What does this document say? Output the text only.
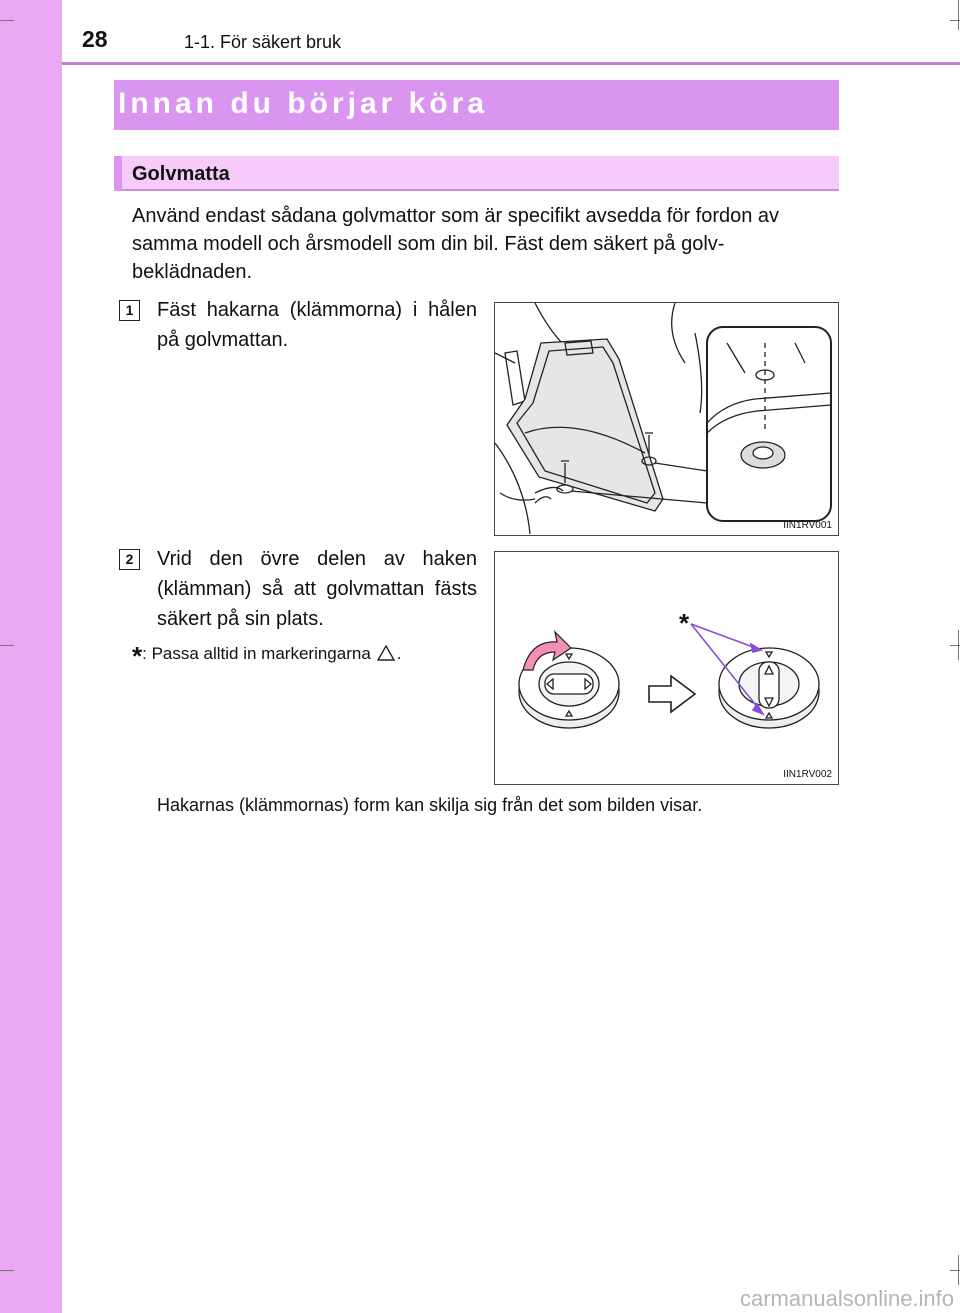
28	1-1. För säkert bruk
Innan du börjar köra
Golvmatta

Använd endast sådana golvmattor som är specifikt avsedda för fordon av samma modell och årsmodell som din bil. Fäst dem säkert på golv-beklädnaden.

1	Fäst hakarna (klämmorna) i hålen på golvmattan.

IIN1RV001
2	Vrid den övre delen av haken (klämman) så att golvmattan fästs säkert på sin plats.

*: Passa alltid in markeringarna .
*
IIN1RV002

Hakarnas (klämmornas) form kan skilja sig från det som bilden visar.

carmanualsonline.info
